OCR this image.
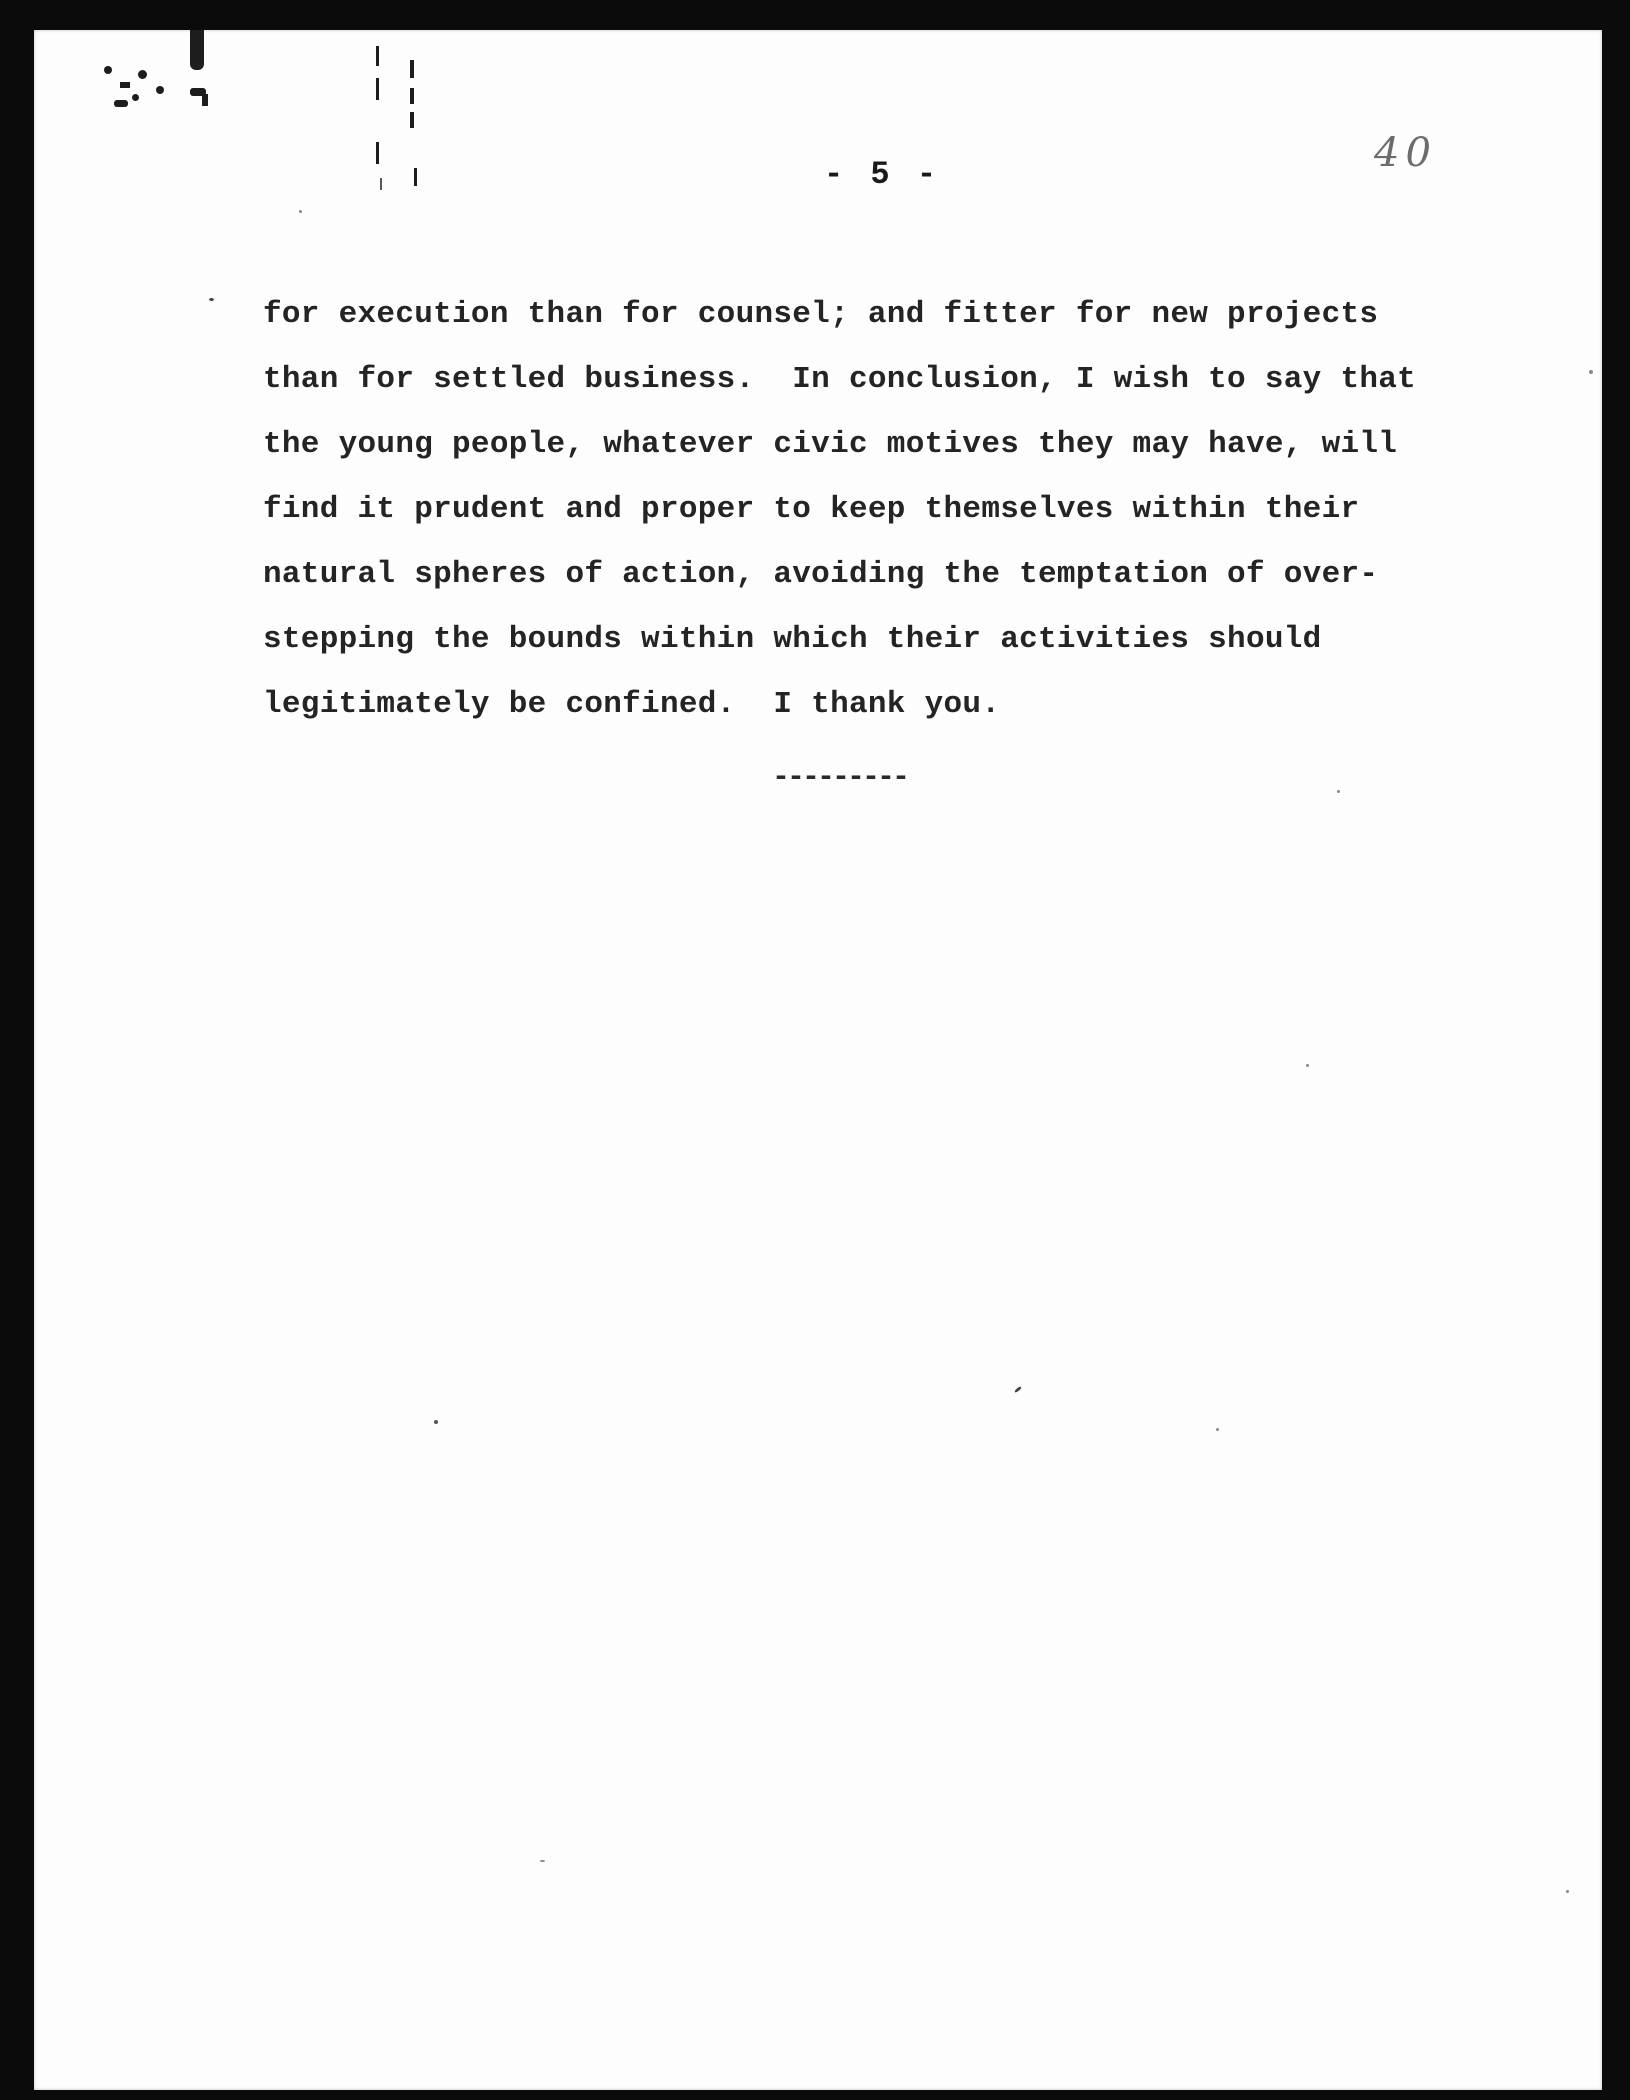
- 5 -	40
for execution than for counsel; and fitter for new projects
than for settled business.  In conclusion, I wish to say that
the young people, whatever civic motives they may have, will
find it prudent and proper to keep themselves within their
natural spheres of action, avoiding the temptation of over-
stepping the bounds within which their activities should
legitimately be confined.  I thank you.
---------
